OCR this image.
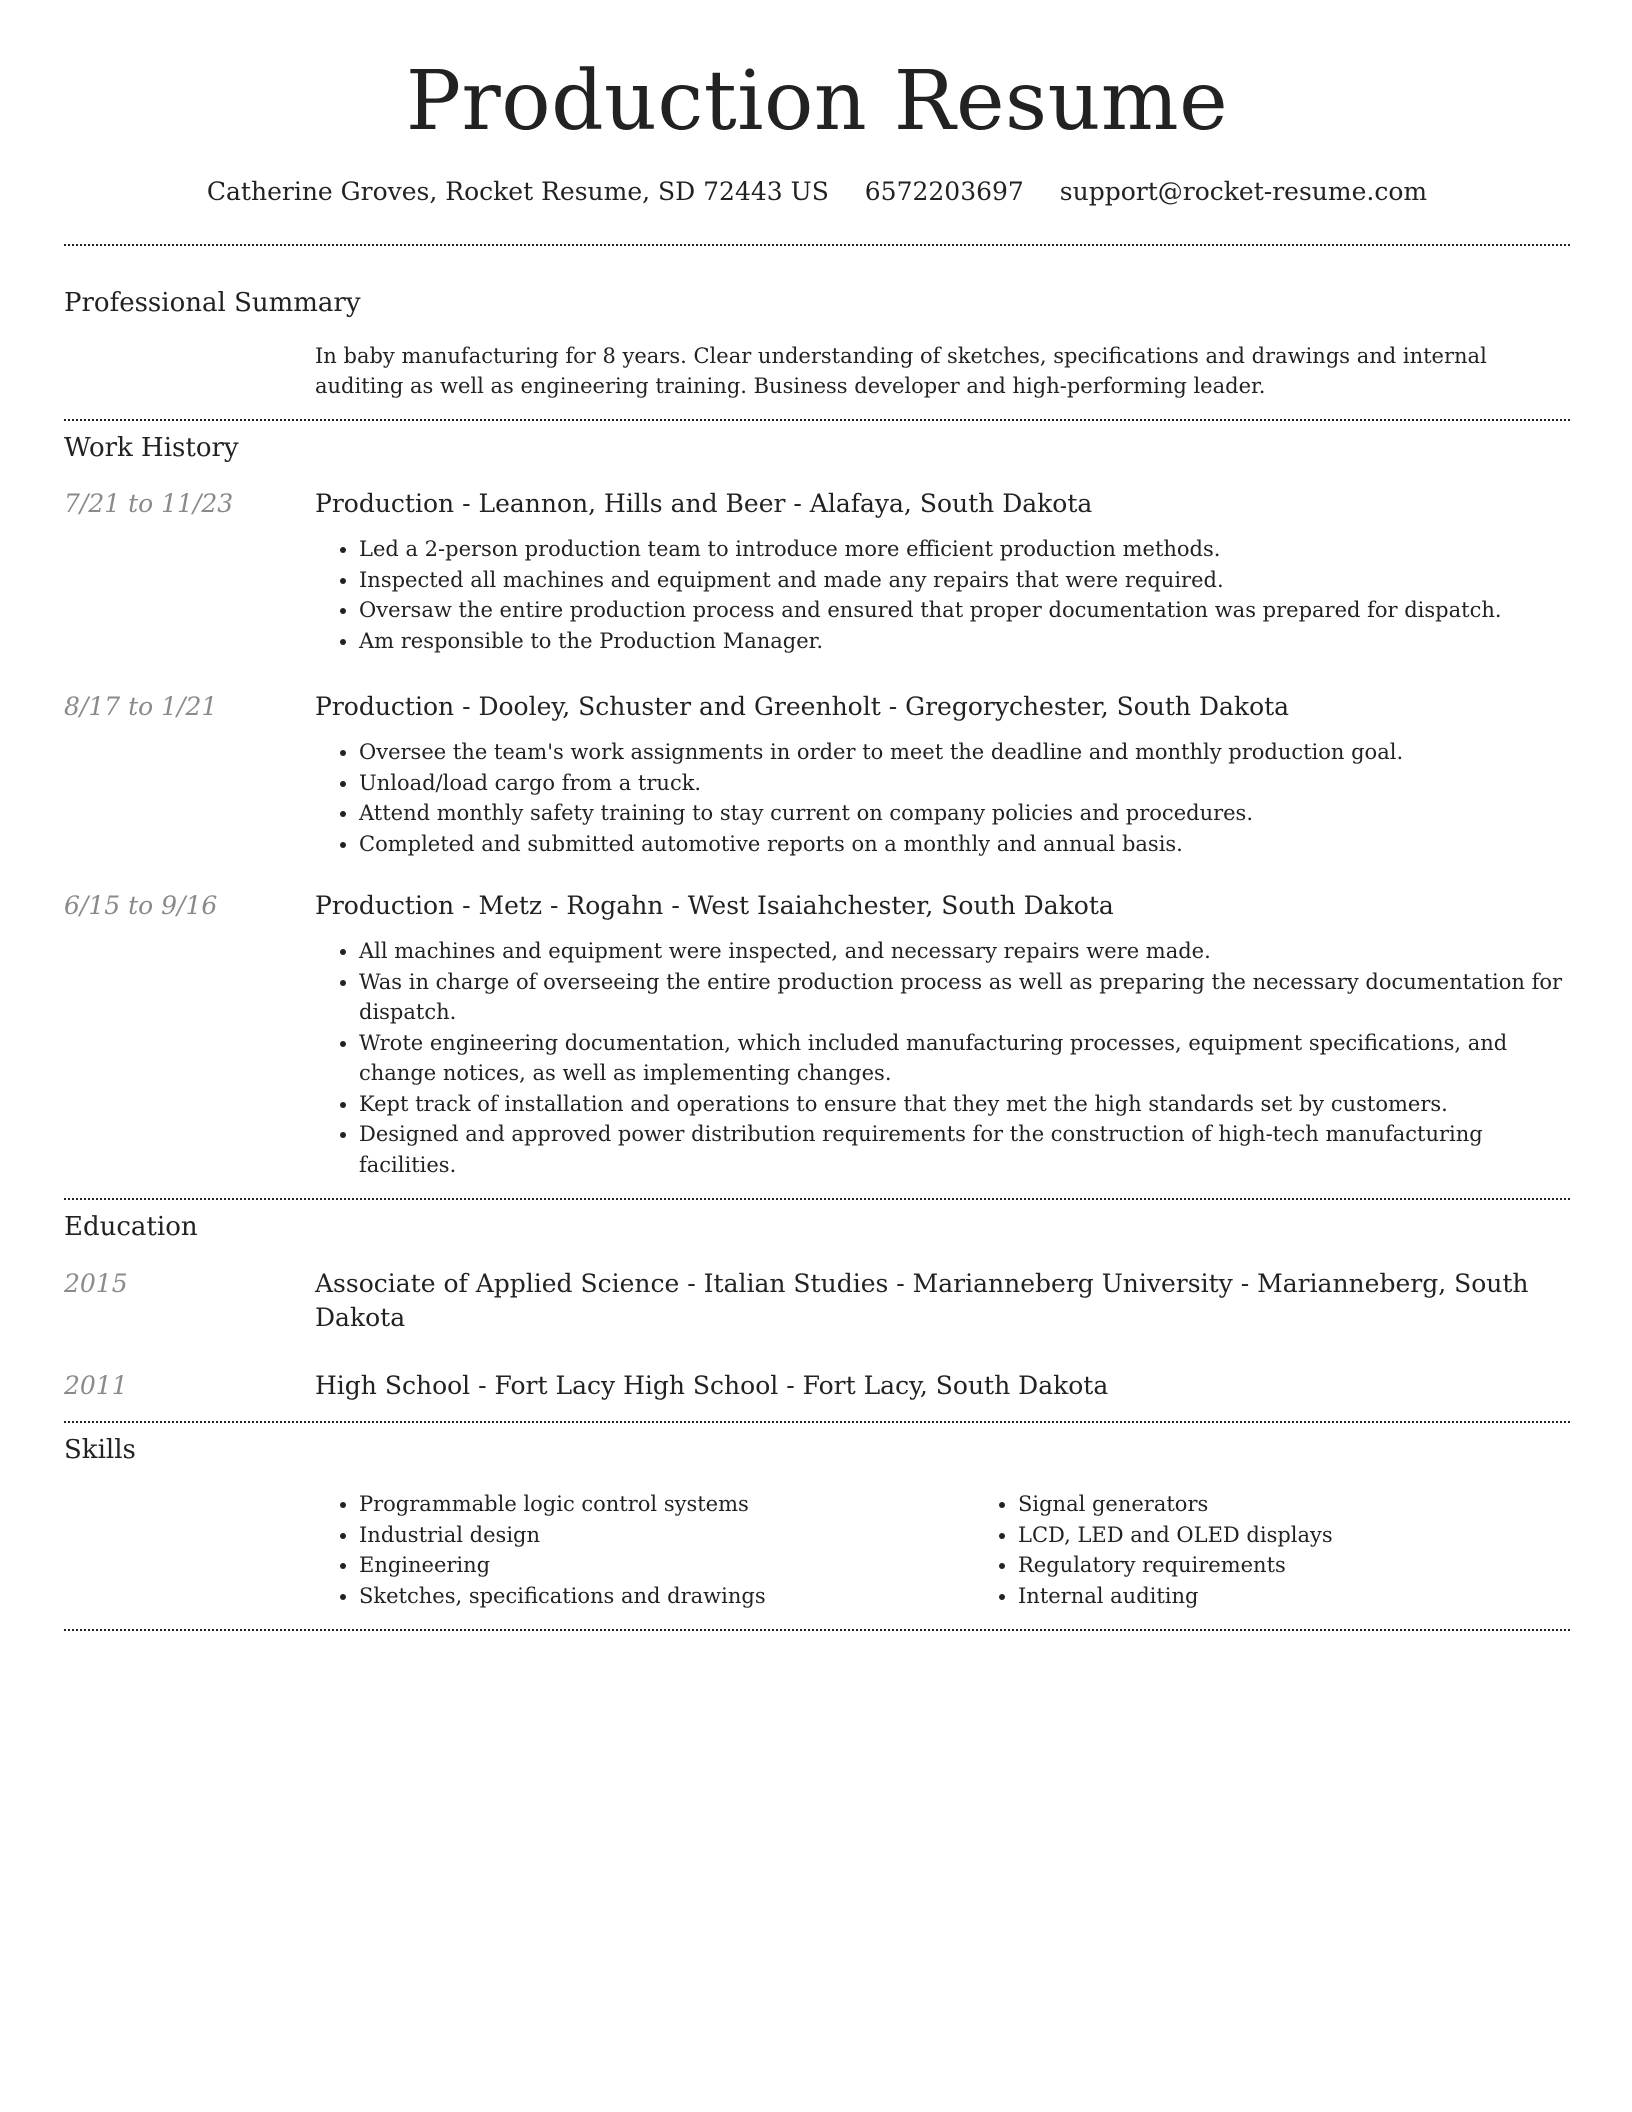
Production Resume
Catherine Groves, Rocket Resume, SD 72443 US 6572203697 support@rocket-resume.com
Professional Summary
In baby manufacturing for 8 years. Clear understanding of sketches, specifications and drawings and internal auditing as well as engineering training. Business developer and high-performing leader.
Work History
7/21 to 11/23	Production - Leannon, Hills and Beer - Alafaya, South Dakota
• Led a 2-person production team to introduce more efficient production methods.
• Inspected all machines and equipment and made any repairs that were required.
• Oversaw the entire production process and ensured that proper documentation was prepared for dispatch.
• Am responsible to the Production Manager.
8/17 to 1/21	Production - Dooley, Schuster and Greenholt - Gregorychester, South Dakota
• Oversee the team's work assignments in order to meet the deadline and monthly production goal.
• Unload/load cargo from a truck.
• Attend monthly safety training to stay current on company policies and procedures.
• Completed and submitted automotive reports on a monthly and annual basis.
6/15 to 9/16	Production - Metz - Rogahn - West Isaiahchester, South Dakota
• All machines and equipment were inspected, and necessary repairs were made.
• Was in charge of overseeing the entire production process as well as preparing the necessary documentation for dispatch.
• Wrote engineering documentation, which included manufacturing processes, equipment specifications, and change notices, as well as implementing changes.
• Kept track of installation and operations to ensure that they met the high standards set by customers.
• Designed and approved power distribution requirements for the construction of high-tech manufacturing facilities.
Education
2015	Associate of Applied Science - Italian Studies - Marianneberg University - Marianneberg, South Dakota
2011	High School - Fort Lacy High School - Fort Lacy, South Dakota
Skills
• Programmable logic control systems
• Industrial design
• Engineering
• Sketches, specifications and drawings
• Signal generators
• LCD, LED and OLED displays
• Regulatory requirements
• Internal auditing
